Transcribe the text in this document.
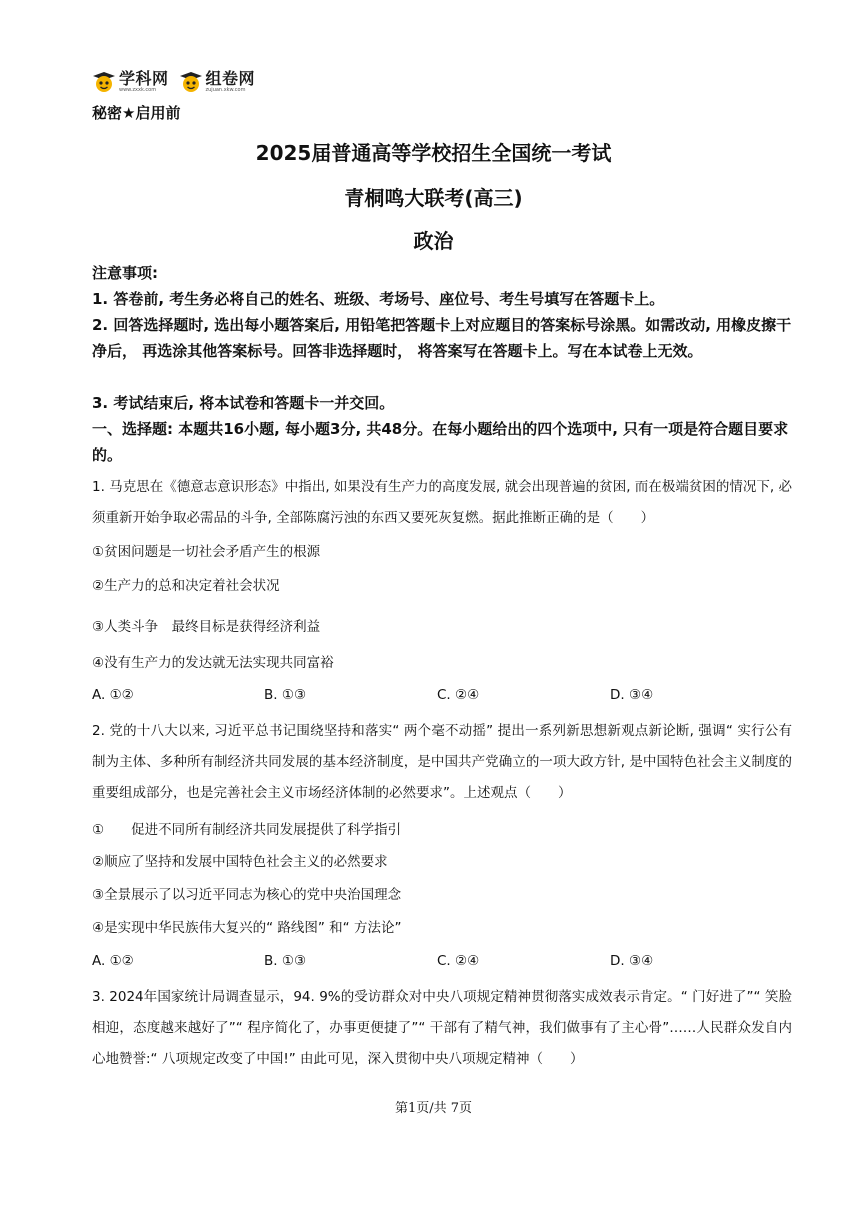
学科网
www.zxxk.com
组卷网
zujuan.xkw.com
秘密★启用前
2025届普通高等学校招生全国统一考试
青桐鸣大联考(高三)
政治

注意事项:

1. 答卷前, 考生务必将自己的姓名、班级、考场号、座位号、考生号填写在答题卡上。

2. 回答选择题时, 选出每小题答案后, 用铅笔把答题卡上对应题目的答案标号涂黑。如需改动, 用橡皮擦干净后， 再选涂其他答案标号。回答非选择题时， 将答案写在答题卡上。写在本试卷上无效。

3. 考试结束后, 将本试卷和答题卡一并交回。

一、选择题: 本题共16小题, 每小题3分, 共48分。在每小题给出的四个选项中, 只有一项是符合题目要求的。

1. 马克思在《德意志意识形态》中指出, 如果没有生产力的高度发展, 就会出现普遍的贫困, 而在极端贫困的情况下, 必须重新开始争取必需品的斗争, 全部陈腐污浊的东西又要死灰复燃。据此推断正确的是（　　）

①贫困问题是一切社会矛盾产生的根源

②生产力的总和决定着社会状况

③人类斗争　最终目标是获得经济利益

④没有生产力的发达就无法实现共同富裕

A. ①②	B. ①③	C. ②④	D. ③④

2. 党的十八大以来, 习近平总书记围绕坚持和落实“ 两个毫不动摇” 提出一系列新思想新观点新论断, 强调“ 实行公有制为主体、多种所有制经济共同发展的基本经济制度，是中国共产党确立的一项大政方针, 是中国特色社会主义制度的重要组成部分，也是完善社会主义市场经济体制的必然要求”。上述观点（　　）

①　　促进不同所有制经济共同发展提供了科学指引

②顺应了坚持和发展中国特色社会主义的必然要求

③全景展示了以习近平同志为核心的党中央治国理念

④是实现中华民族伟大复兴的“ 路线图” 和“ 方法论”

A. ①②	B. ①③	C. ②④	D. ③④

3. 2024年国家统计局调查显示，94. 9%的受访群众对中央八项规定精神贯彻落实成效表示肯定。“ 门好进了”“ 笑脸相迎，态度越来越好了”“ 程序简化了，办事更便捷了”“ 干部有了精气神，我们做事有了主心骨”……人民群众发自内心地赞誉:“ 八项规定改变了中国!” 由此可见，深入贯彻中央八项规定精神（　　）

第1页/共 7页
